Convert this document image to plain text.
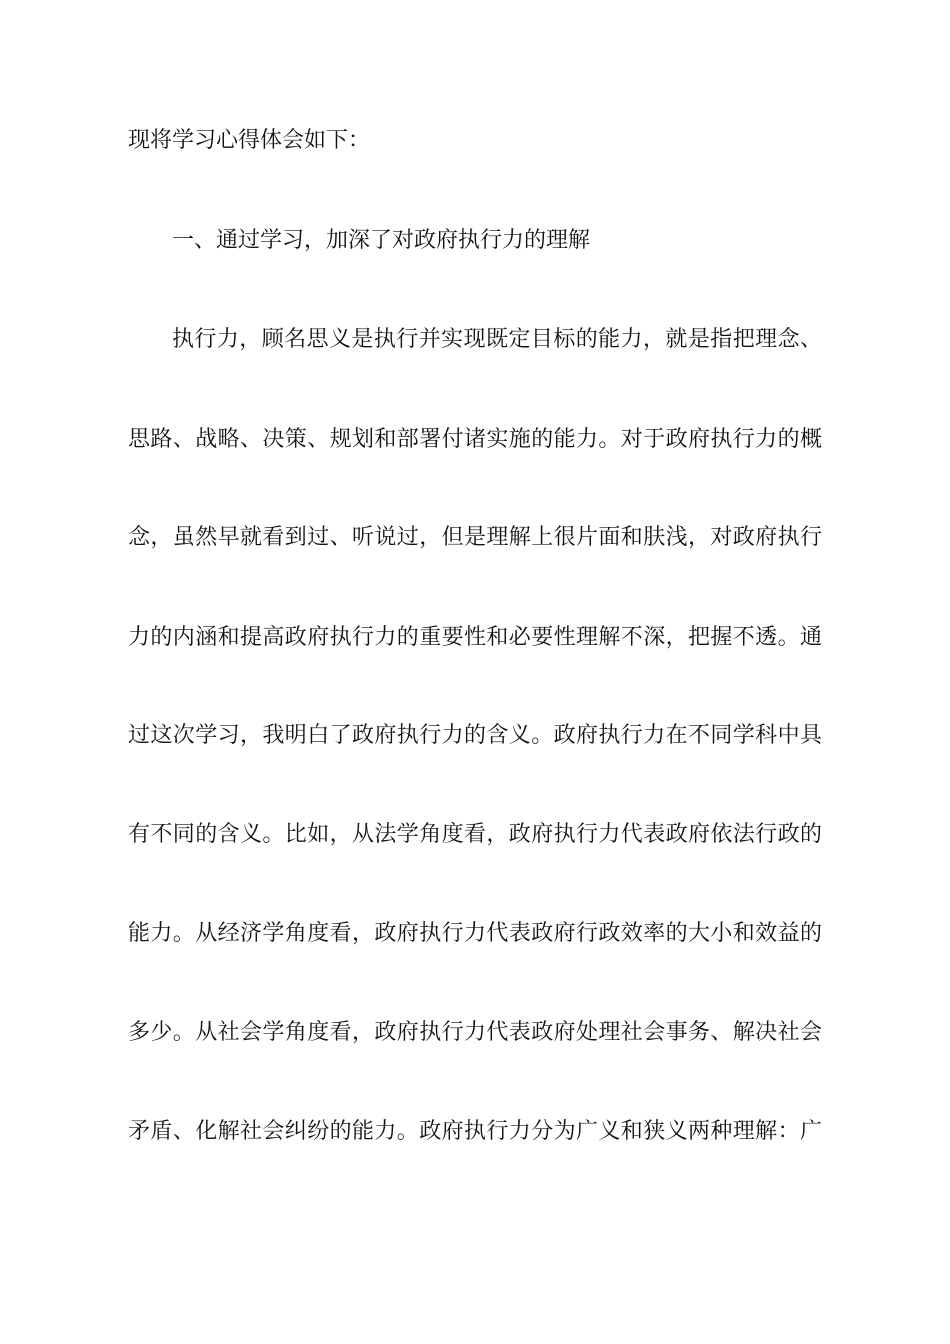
现将学习心得体会如下：
一、通过学习，加深了对政府执行力的理解
执行力，顾名思义是执行并实现既定目标的能力，就是指把理念、
思路、战略、决策、规划和部署付诸实施的能力。对于政府执行力的概
念，虽然早就看到过、听说过，但是理解上很片面和肤浅，对政府执行
力的内涵和提高政府执行力的重要性和必要性理解不深，把握不透。通
过这次学习，我明白了政府执行力的含义。政府执行力在不同学科中具
有不同的含义。比如，从法学角度看，政府执行力代表政府依法行政的
能力。从经济学角度看，政府执行力代表政府行政效率的大小和效益的
多少。从社会学角度看，政府执行力代表政府处理社会事务、解决社会
矛盾、化解社会纠纷的能力。政府执行力分为广义和狭义两种理解：广
